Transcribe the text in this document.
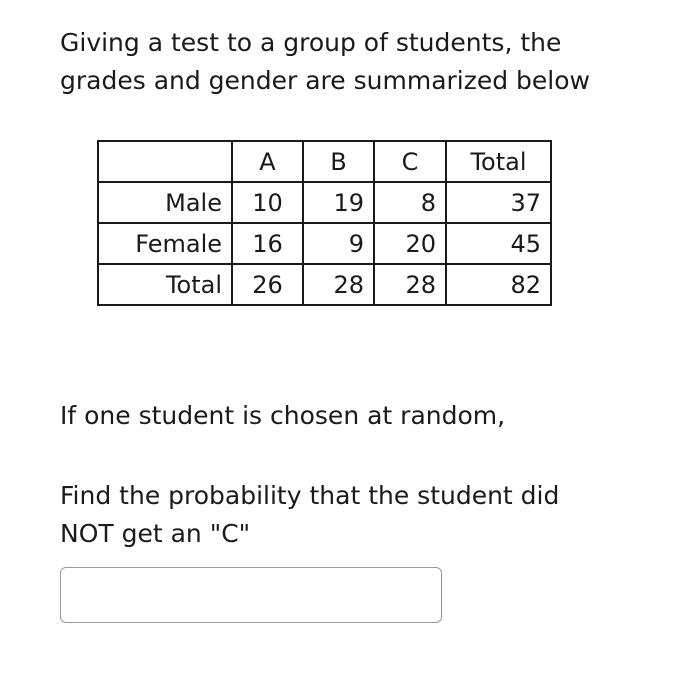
Giving a test to a group of students, the
grades and gender are summarized below
	A	B	C	Total
Male	10	19	8	37
Female	16	9	20	45
Total	26	28	28	82
If one student is chosen at random,
Find the probability that the student did
NOT get an "C"
